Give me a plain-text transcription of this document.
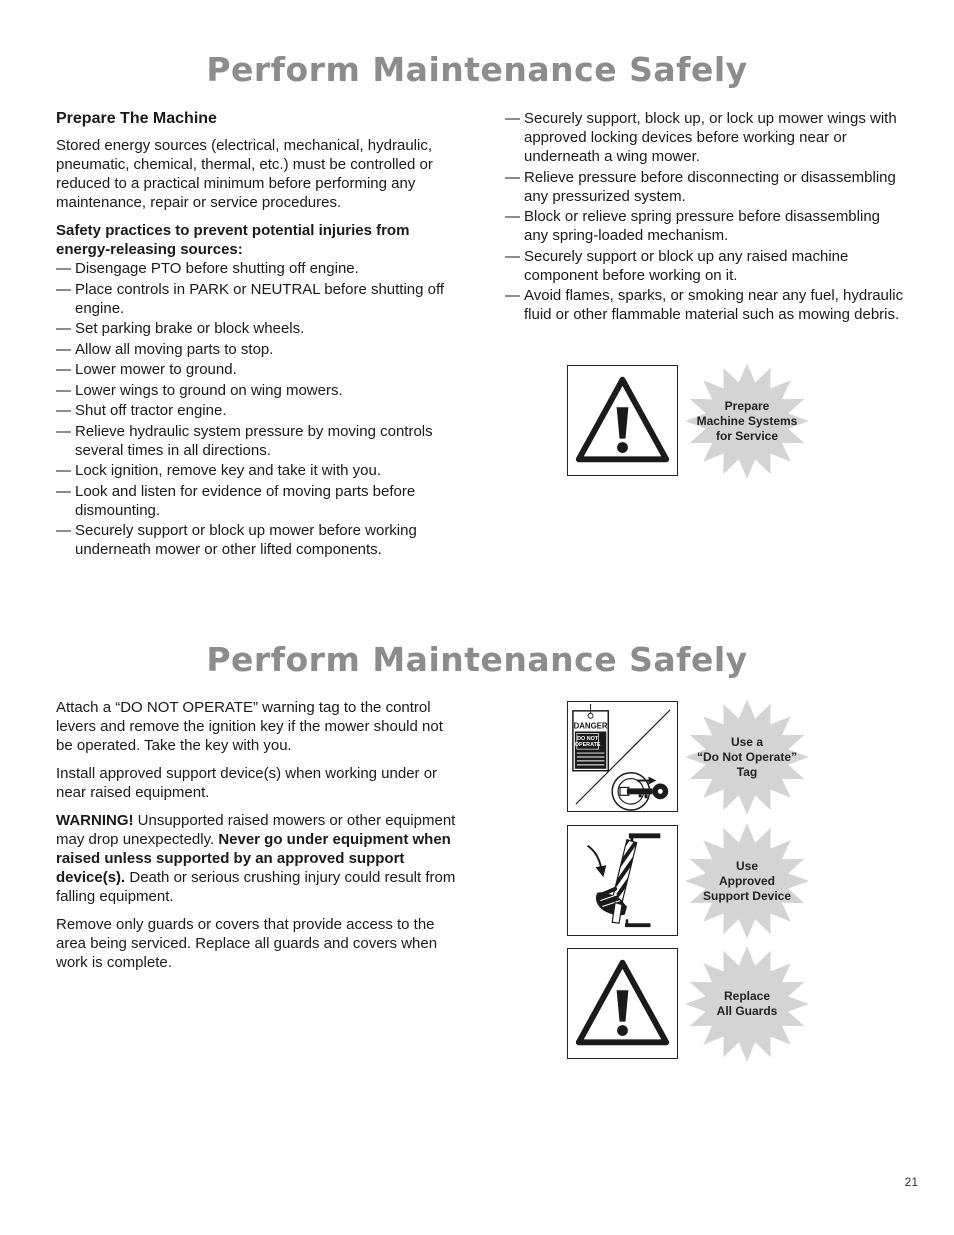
Perform Maintenance Safely
Prepare The Machine

Stored energy sources (electrical, mechanical, hydraulic, pneumatic, chemical, thermal, etc.) must be controlled or reduced to a practical minimum before performing any maintenance, repair or service procedures.

Safety practices to prevent potential injuries from energy-releasing sources:

— Disengage PTO before shutting off engine.
— Place controls in PARK or NEUTRAL before shutting off engine.
— Set parking brake or block wheels.
— Allow all moving parts to stop.
— Lower mower to ground.
— Lower wings to ground on wing mowers.
— Shut off tractor engine.
— Relieve hydraulic system pressure by moving controls several times in all directions.
— Lock ignition, remove key and take it with you.
— Look and listen for evidence of moving parts before dismounting.
— Securely support or block up mower before working underneath mower or other lifted components.
— Securely support, block up, or lock up mower wings with approved locking devices before working near or underneath a wing mower.
— Relieve pressure before disconnecting or disassembling any pressurized system.
— Block or relieve spring pressure before disassembling any spring-loaded mechanism.
— Securely support or block up any raised machine component before working on it.
— Avoid flames, sparks, or smoking near any fuel, hydraulic fluid or other flammable material such as mowing debris.
Prepare
Machine Systems
for Service
Perform Maintenance Safely

Attach a “DO NOT OPERATE” warning tag to the control levers and remove the ignition key if the mower should not be operated. Take the key with you.

Install approved support device(s) when working under or near raised equipment.

WARNING! Unsupported raised mowers or other equipment may drop unexpectedly. Never go under equipment when raised unless supported by an approved support device(s). Death or serious crushing injury could result from falling equipment.

Remove only guards or covers that provide access to the area being serviced. Replace all guards and covers when work is complete.

DANGER
DO NOT
OPERATE	Use a
“Do Not Operate”
Tag
Use
Approved
Support Device
Replace
All Guards
21
